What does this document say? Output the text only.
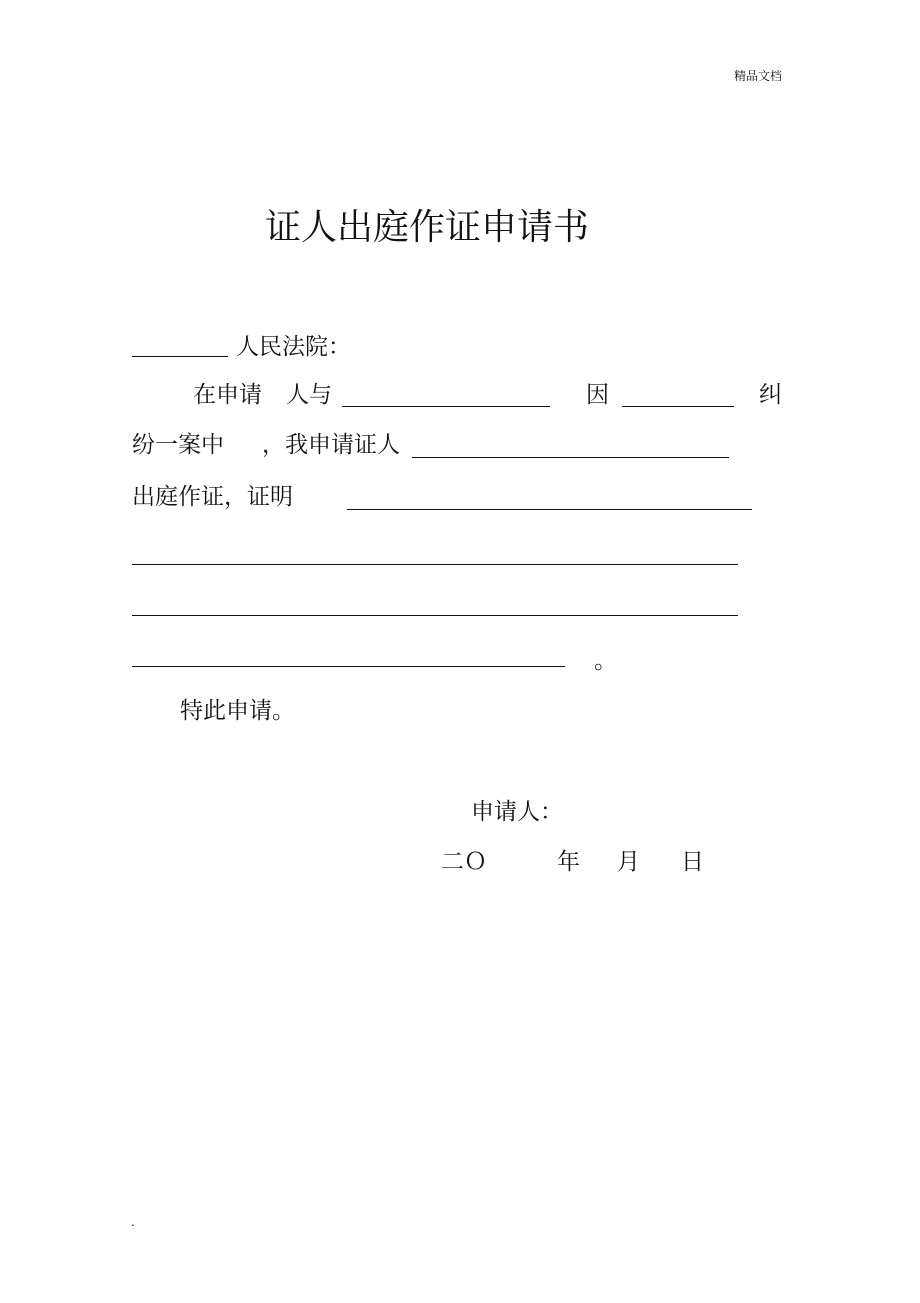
精品文档
证人出庭作证申请书
人民法院：
在申请 人与	因	纠
纷一案中 ，我申请证人
出庭作证，证明
。
特此申请。
申请人：
二Ｏ	年 月 日
.
